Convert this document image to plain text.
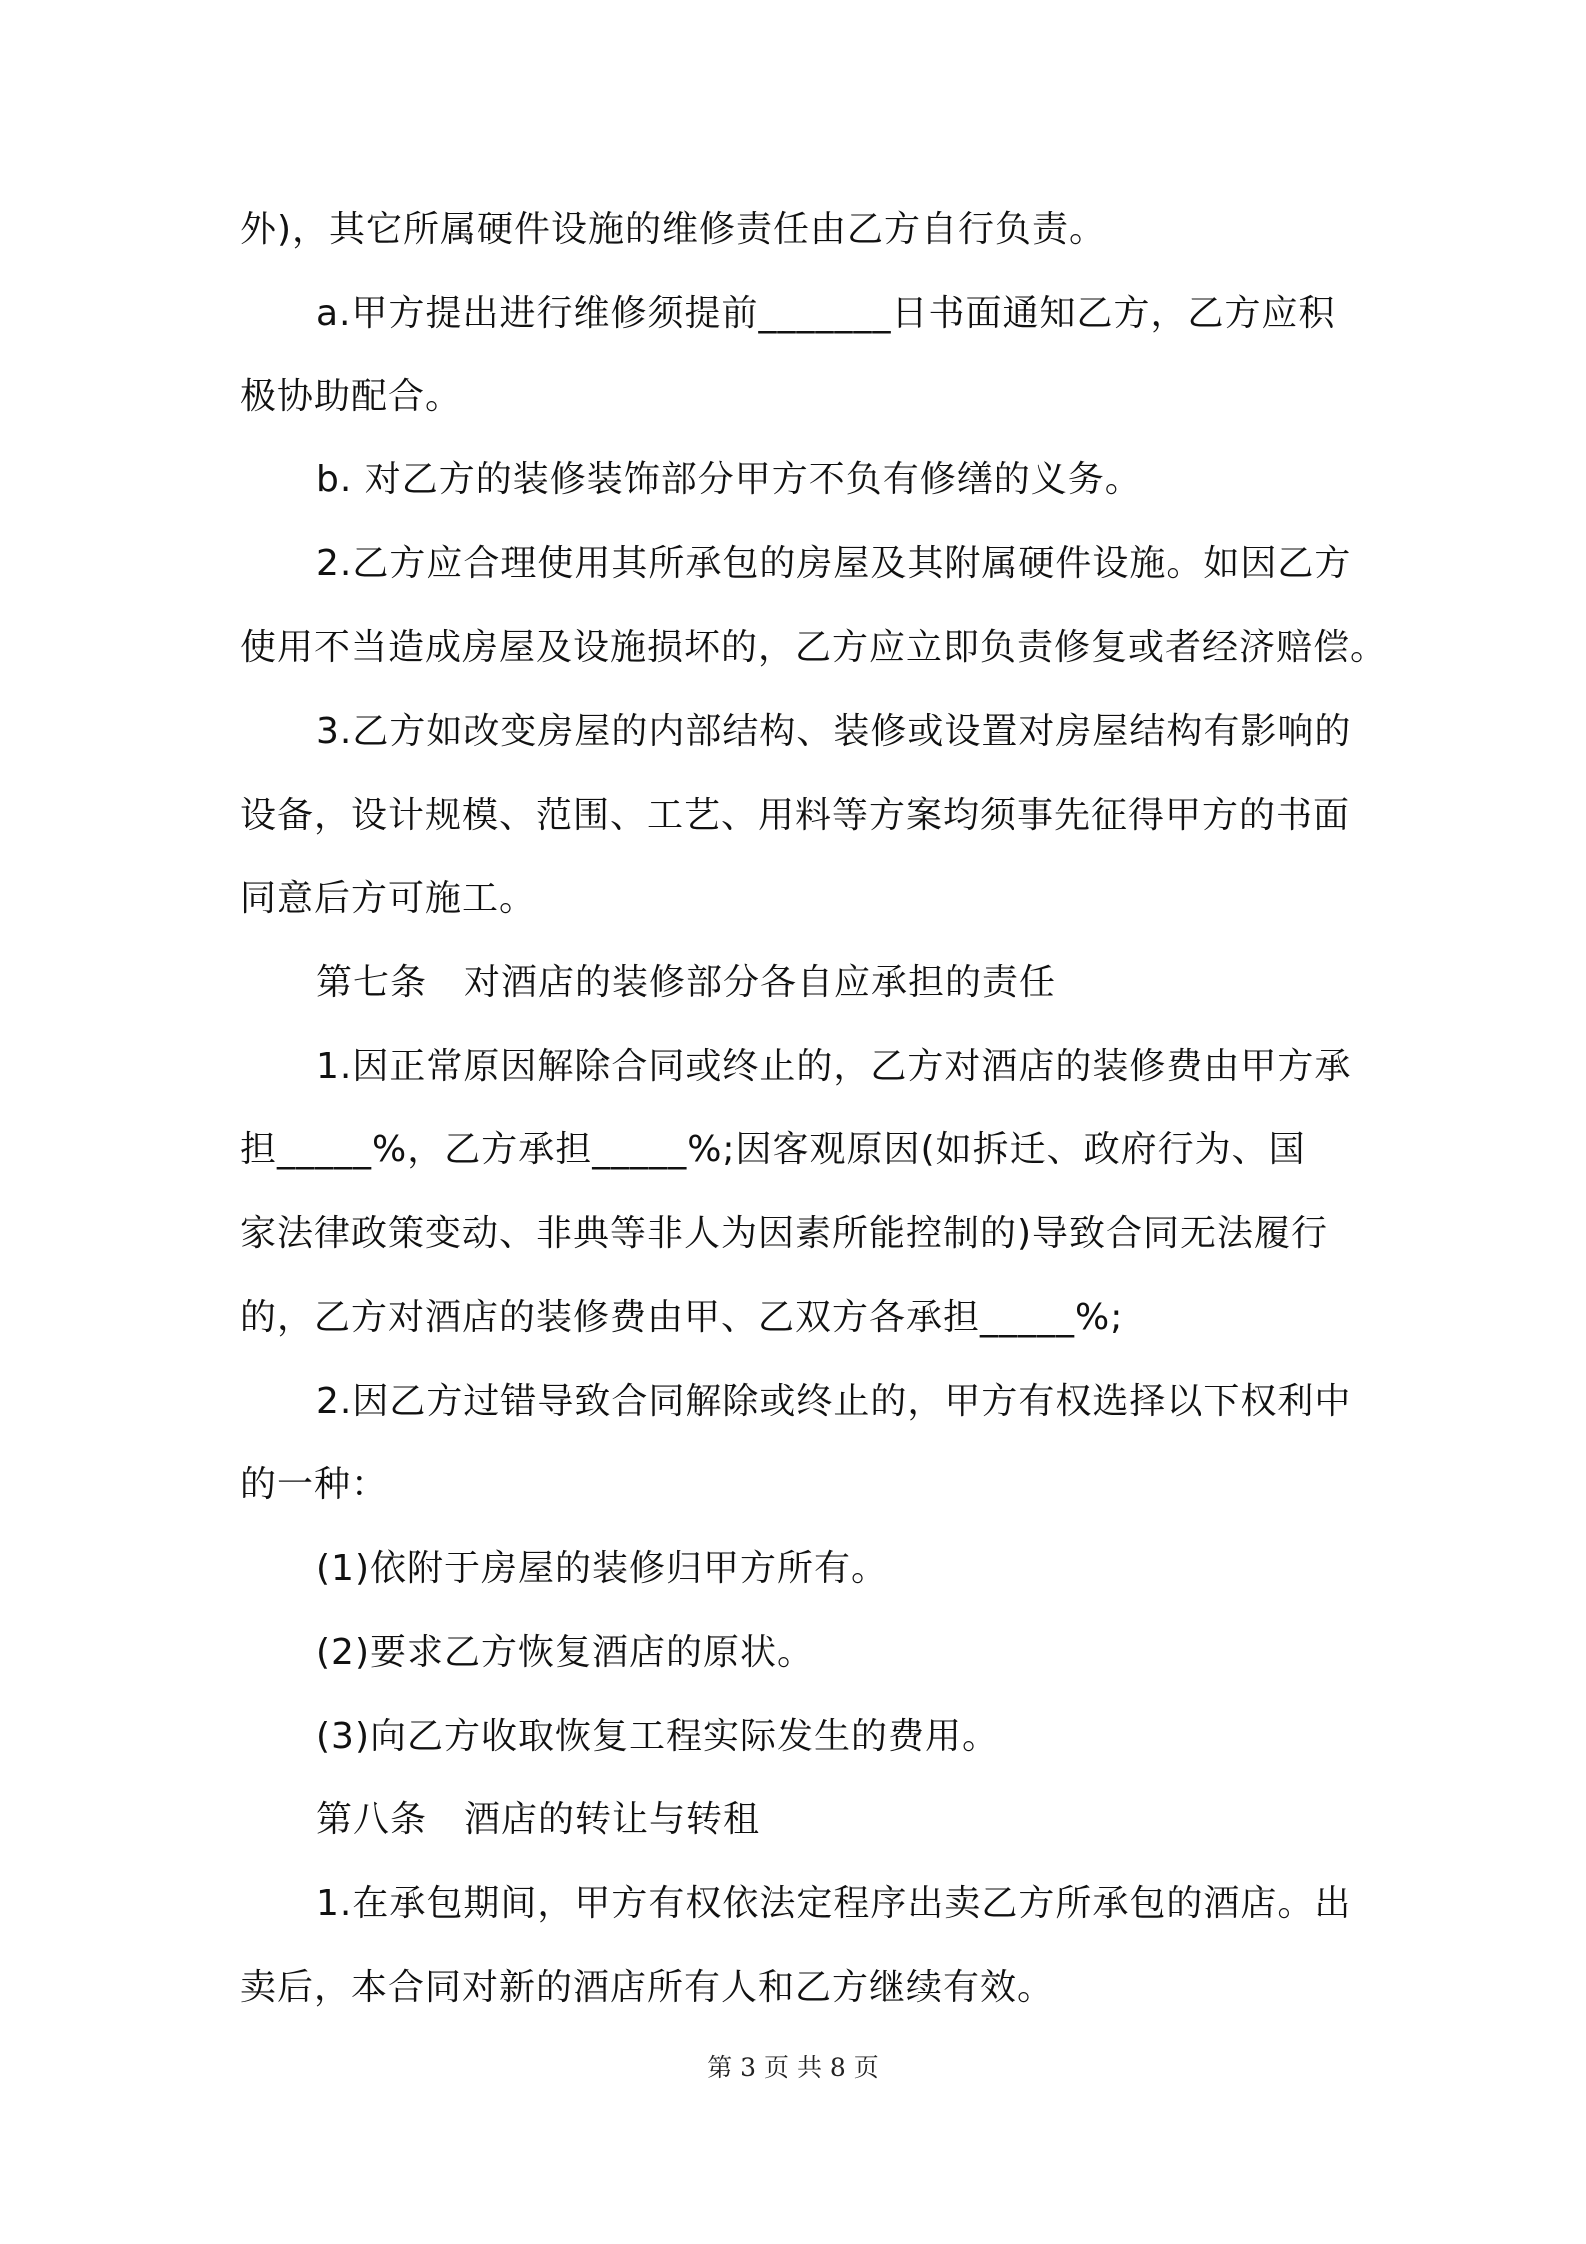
外)，其它所属硬件设施的维修责任由乙方自行负责。
a.甲方提出进行维修须提前_______日书面通知乙方，乙方应积
极协助配合。
b. 对乙方的装修装饰部分甲方不负有修缮的义务。
2.乙方应合理使用其所承包的房屋及其附属硬件设施。如因乙方
使用不当造成房屋及设施损坏的，乙方应立即负责修复或者经济赔偿。
3.乙方如改变房屋的内部结构、装修或设置对房屋结构有影响的
设备，设计规模、范围、工艺、用料等方案均须事先征得甲方的书面
同意后方可施工。
第七条　对酒店的装修部分各自应承担的责任
1.因正常原因解除合同或终止的，乙方对酒店的装修费由甲方承
担_____%，乙方承担_____%;因客观原因(如拆迁、政府行为、国
家法律政策变动、非典等非人为因素所能控制的)导致合同无法履行
的，乙方对酒店的装修费由甲、乙双方各承担_____%;
2.因乙方过错导致合同解除或终止的，甲方有权选择以下权利中
的一种：
(1)依附于房屋的装修归甲方所有。
(2)要求乙方恢复酒店的原状。
(3)向乙方收取恢复工程实际发生的费用。
第八条　酒店的转让与转租
1.在承包期间，甲方有权依法定程序出卖乙方所承包的酒店。出
卖后，本合同对新的酒店所有人和乙方继续有效。
第 3 页 共 8 页
